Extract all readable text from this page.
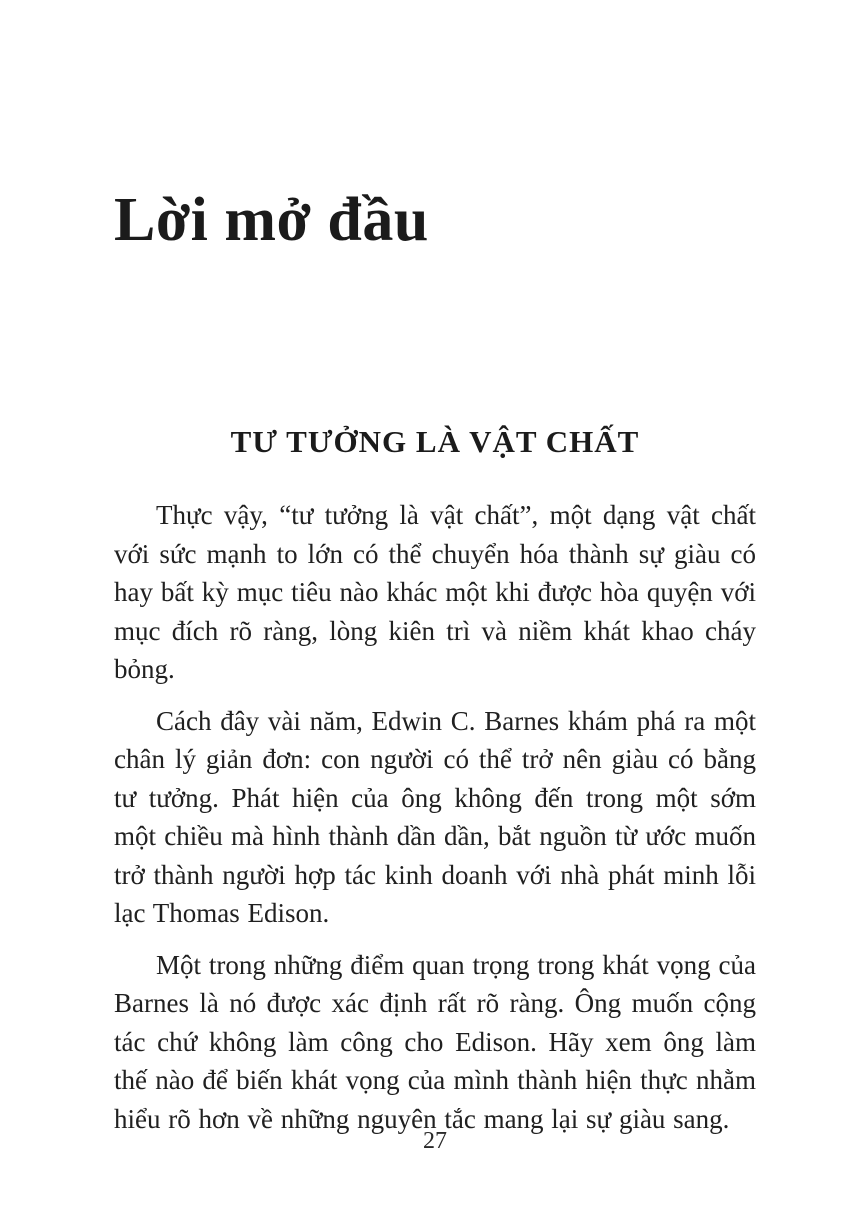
Lời mở đầu
TƯ TƯỞNG LÀ VẬT CHẤT

Thực vậy, “tư tưởng là vật chất”, một dạng vật chất với sức mạnh to lớn có thể chuyển hóa thành sự giàu có hay bất kỳ mục tiêu nào khác một khi được hòa quyện với mục đích rõ ràng, lòng kiên trì và niềm khát khao cháy bỏng.

Cách đây vài năm, Edwin C. Barnes khám phá ra một chân lý giản đơn: con người có thể trở nên giàu có bằng tư tưởng. Phát hiện của ông không đến trong một sớm một chiều mà hình thành dần dần, bắt nguồn từ ước muốn trở thành người hợp tác kinh doanh với nhà phát minh lỗi lạc Thomas Edison.

Một trong những điểm quan trọng trong khát vọng của Barnes là nó được xác định rất rõ ràng. Ông muốn cộng tác chứ không làm công cho Edison. Hãy xem ông làm thế nào để biến khát vọng của mình thành hiện thực nhằm hiểu rõ hơn về những nguyên tắc mang lại sự giàu sang.

27
